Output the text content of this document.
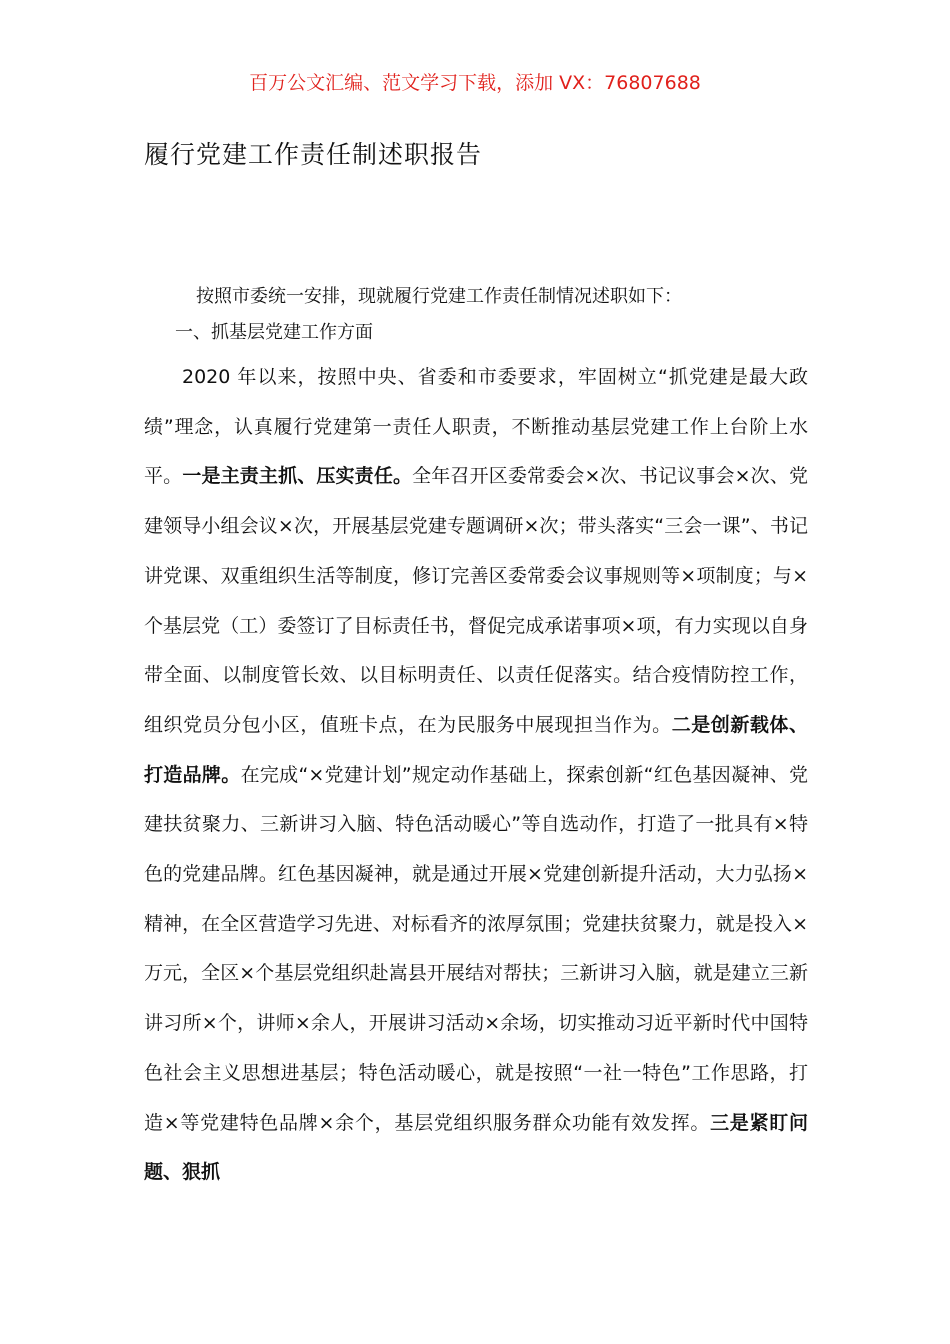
百万公文汇编、范文学习下载，添加 VX：76807688
履行党建工作责任制述职报告
按照市委统一安排，现就履行党建工作责任制情况述职如下：
一、抓基层党建工作方面
2020 年以来，按照中央、省委和市委要求，牢固树立“抓党建是最大政绩”理念，认真履行党建第一责任人职责，不断推动基层党建工作上台阶上水平。一是主责主抓、压实责任。全年召开区委常委会×次、书记议事会×次、党建领导小组会议×次，开展基层党建专题调研×次；带头落实“三会一课”、书记讲党课、双重组织生活等制度，修订完善区委常委会议事规则等×项制度；与×个基层党（工）委签订了目标责任书，督促完成承诺事项×项，有力实现以自身带全面、以制度管长效、以目标明责任、以责任促落实。结合疫情防控工作，组织党员分包小区，值班卡点，在为民服务中展现担当作为。二是创新载体、打造品牌。在完成“×党建计划”规定动作基础上，探索创新“红色基因凝神、党建扶贫聚力、三新讲习入脑、特色活动暖心”等自选动作，打造了一批具有×特色的党建品牌。红色基因凝神，就是通过开展×党建创新提升活动，大力弘扬×精神，在全区营造学习先进、对标看齐的浓厚氛围；党建扶贫聚力，就是投入×万元，全区×个基层党组织赴嵩县开展结对帮扶；三新讲习入脑，就是建立三新讲习所×个，讲师×余人，开展讲习活动×余场，切实推动习近平新时代中国特色社会主义思想进基层；特色活动暖心，就是按照“一社一特色”工作思路，打造×等党建特色品牌×余个，基层党组织服务群众功能有效发挥。三是紧盯问题、狠抓
